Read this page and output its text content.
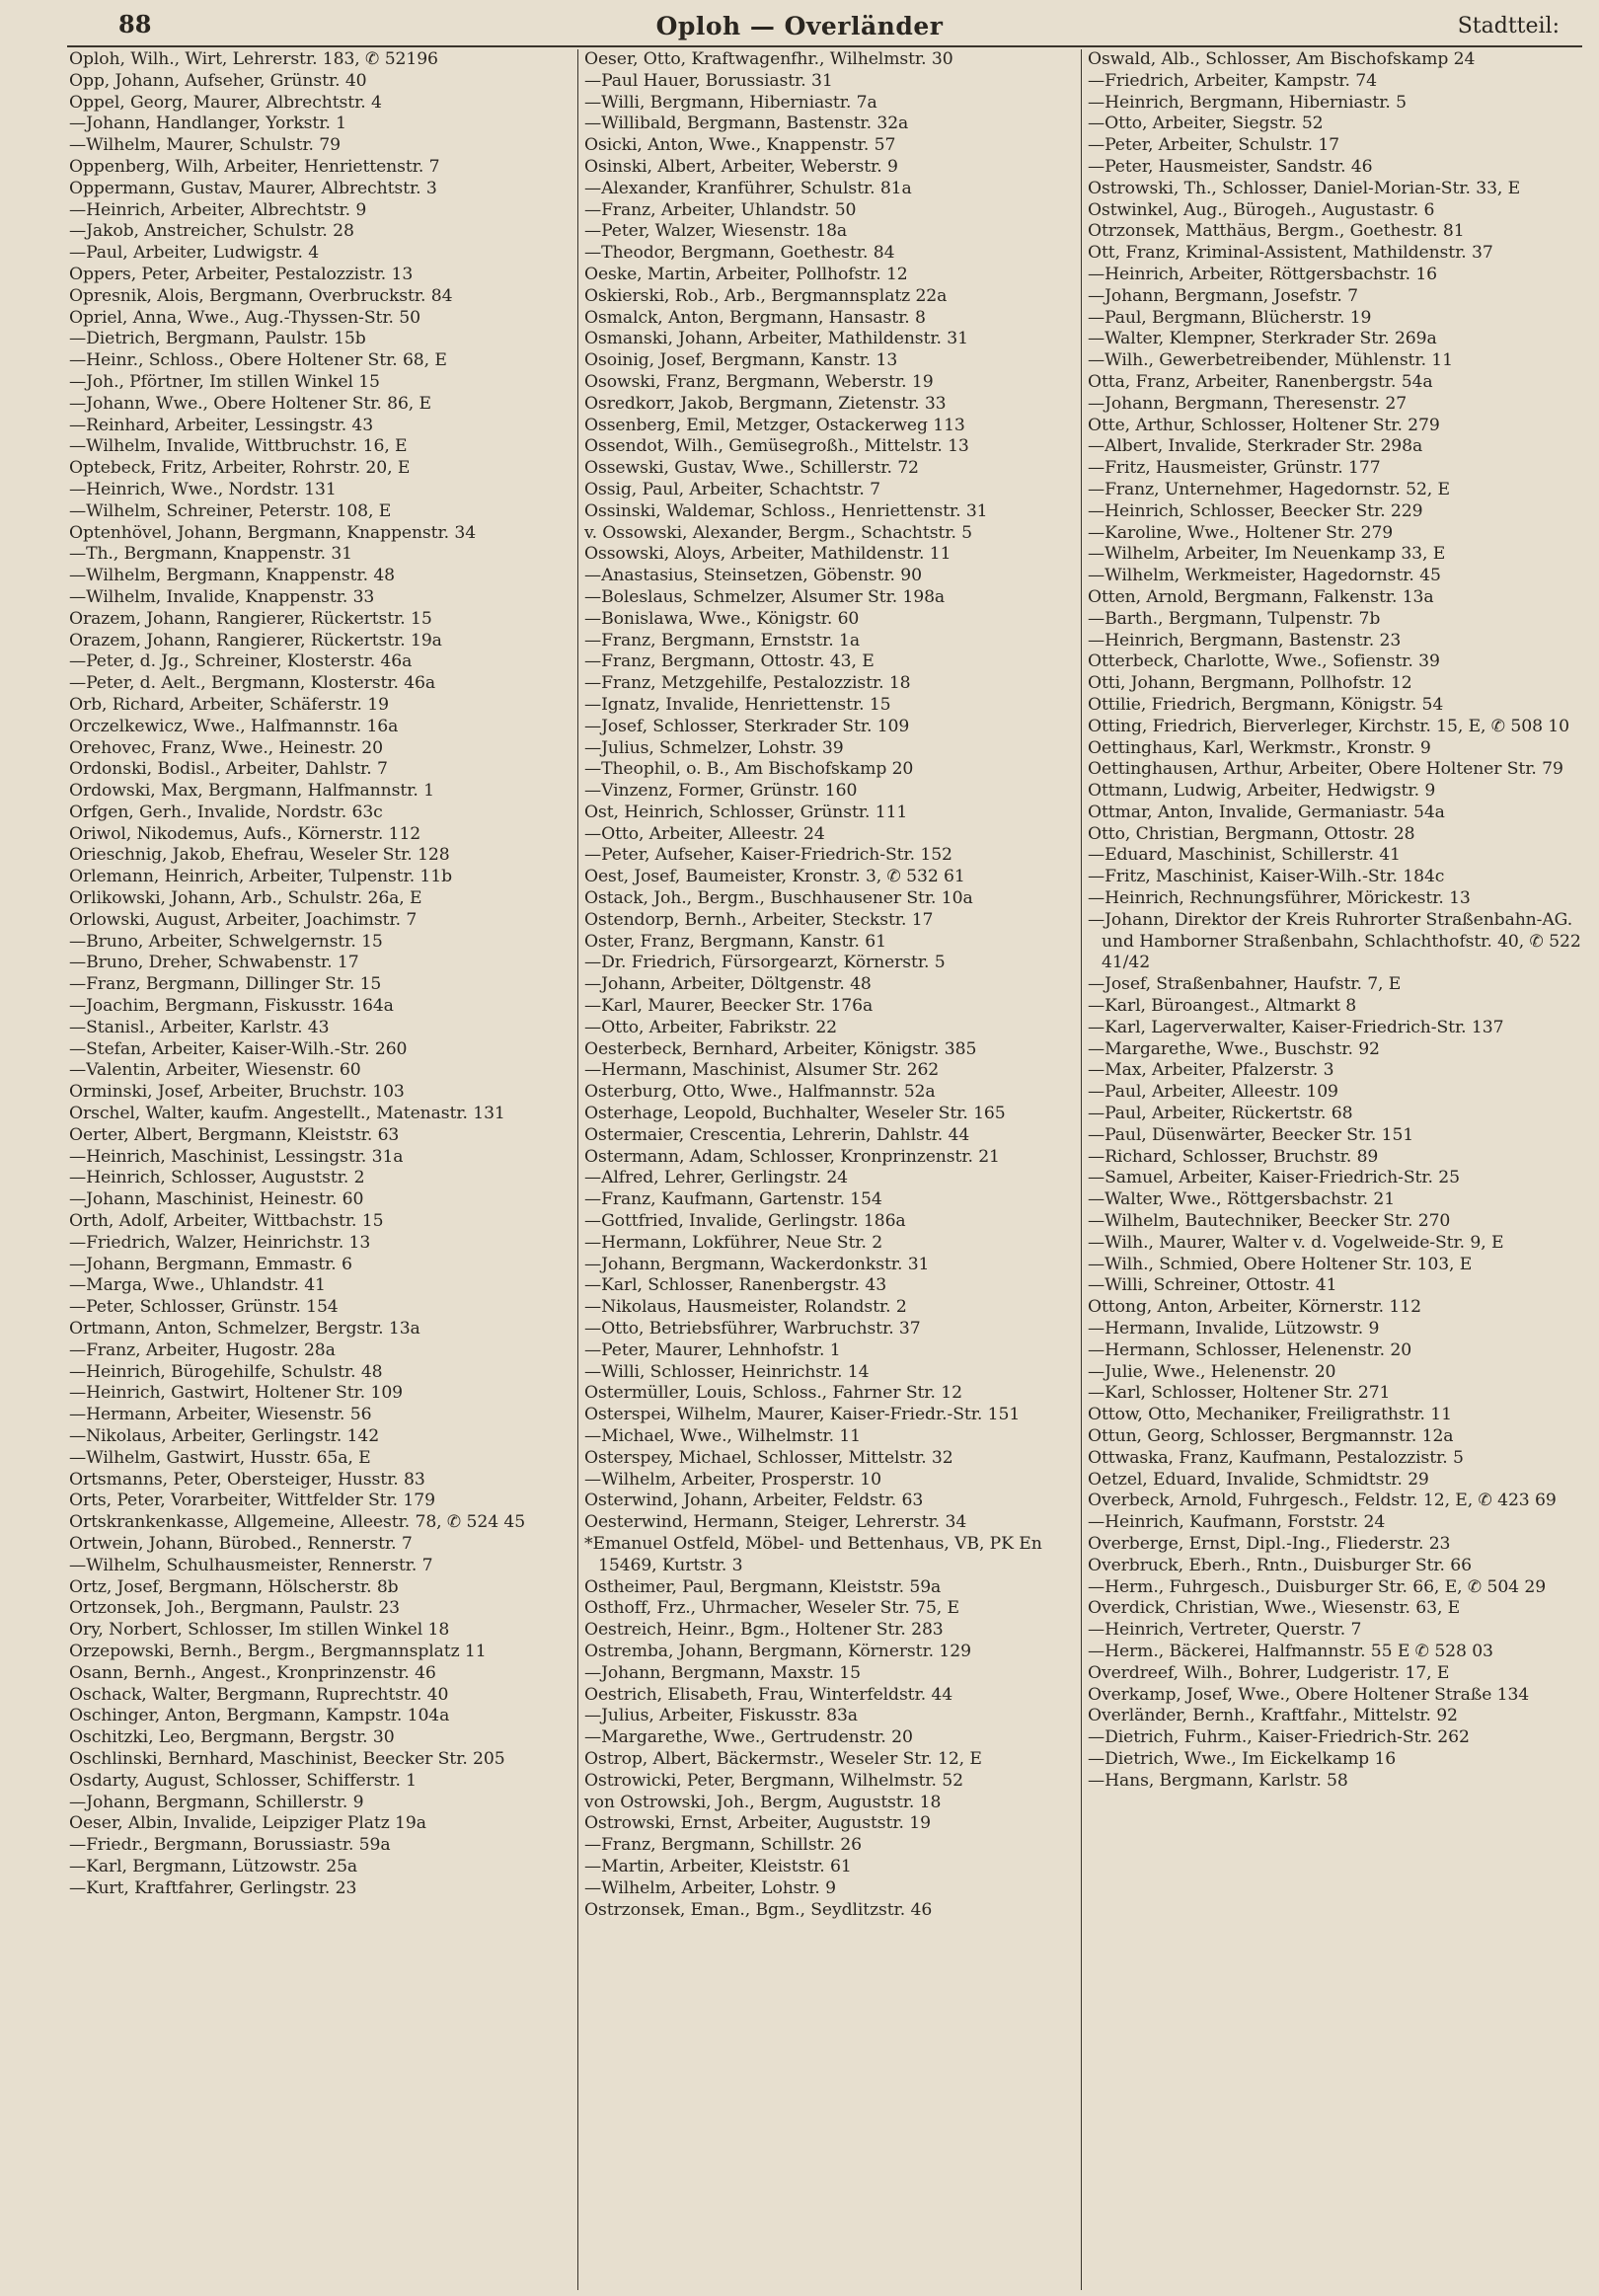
88	Oploh — Overländer	Stadtteil:
Oploh, Wilh., Wirt, Lehrerstr. 183, ✆ 52196
Opp, Johann, Aufseher, Grünstr. 40
Oppel, Georg, Maurer, Albrechtstr. 4
—Johann, Handlanger, Yorkstr. 1
—Wilhelm, Maurer, Schulstr. 79
Oppenberg, Wilh, Arbeiter, Henriettenstr. 7
Oppermann, Gustav, Maurer, Albrechtstr. 3
—Heinrich, Arbeiter, Albrechtstr. 9
—Jakob, Anstreicher, Schulstr. 28
—Paul, Arbeiter, Ludwigstr. 4
Oppers, Peter, Arbeiter, Pestalozzistr. 13
Opresnik, Alois, Bergmann, Overbruckstr. 84
Opriel, Anna, Wwe., Aug.-Thyssen-Str. 50
—Dietrich, Bergmann, Paulstr. 15b
—Heinr., Schloss., Obere Holtener Str. 68, E
—Joh., Pförtner, Im stillen Winkel 15
—Johann, Wwe., Obere Holtener Str. 86, E
—Reinhard, Arbeiter, Lessingstr. 43
—Wilhelm, Invalide, Wittbruchstr. 16, E
Optebeck, Fritz, Arbeiter, Rohrstr. 20, E
—Heinrich, Wwe., Nordstr. 131
—Wilhelm, Schreiner, Peterstr. 108, E
Optenhövel, Johann, Bergmann, Knappenstr. 34
—Th., Bergmann, Knappenstr. 31
—Wilhelm, Bergmann, Knappenstr. 48
—Wilhelm, Invalide, Knappenstr. 33
Orazem, Johann, Rangierer, Rückertstr. 15
Orazem, Johann, Rangierer, Rückertstr. 19a
—Peter, d. Jg., Schreiner, Klosterstr. 46a
—Peter, d. Aelt., Bergmann, Klosterstr. 46a
Orb, Richard, Arbeiter, Schäferstr. 19
Orczelkewicz, Wwe., Halfmannstr. 16a
Orehovec, Franz, Wwe., Heinestr. 20
Ordonski, Bodisl., Arbeiter, Dahlstr. 7
Ordowski, Max, Bergmann, Halfmannstr. 1
Orfgen, Gerh., Invalide, Nordstr. 63c
Oriwol, Nikodemus, Aufs., Körnerstr. 112
Orieschnig, Jakob, Ehefrau, Weseler Str. 128
Orlemann, Heinrich, Arbeiter, Tulpenstr. 11b
Orlikowski, Johann, Arb., Schulstr. 26a, E
Orlowski, August, Arbeiter, Joachimstr. 7
—Bruno, Arbeiter, Schwelgernstr. 15
—Bruno, Dreher, Schwabenstr. 17
—Franz, Bergmann, Dillinger Str. 15
—Joachim, Bergmann, Fiskusstr. 164a
—Stanisl., Arbeiter, Karlstr. 43
—Stefan, Arbeiter, Kaiser-Wilh.-Str. 260
—Valentin, Arbeiter, Wiesenstr. 60
Orminski, Josef, Arbeiter, Bruchstr. 103
Orschel, Walter, kaufm. Angestellt., Matenastr. 131
Oerter, Albert, Bergmann, Kleiststr. 63
—Heinrich, Maschinist, Lessingstr. 31a
—Heinrich, Schlosser, Auguststr. 2
—Johann, Maschinist, Heinestr. 60
Orth, Adolf, Arbeiter, Wittbachstr. 15
—Friedrich, Walzer, Heinrichstr. 13
—Johann, Bergmann, Emmastr. 6
—Marga, Wwe., Uhlandstr. 41
—Peter, Schlosser, Grünstr. 154
Ortmann, Anton, Schmelzer, Bergstr. 13a
—Franz, Arbeiter, Hugostr. 28a
—Heinrich, Bürogehilfe, Schulstr. 48
—Heinrich, Gastwirt, Holtener Str. 109
—Hermann, Arbeiter, Wiesenstr. 56
—Nikolaus, Arbeiter, Gerlingstr. 142
—Wilhelm, Gastwirt, Husstr. 65a, E
Ortsmanns, Peter, Obersteiger, Husstr. 83
Orts, Peter, Vorarbeiter, Wittfelder Str. 179
Ortskrankenkasse, Allgemeine, Alleestr. 78, ✆ 524 45
Ortwein, Johann, Bürobed., Rennerstr. 7
—Wilhelm, Schulhausmeister, Rennerstr. 7
Ortz, Josef, Bergmann, Hölscherstr. 8b
Ortzonsek, Joh., Bergmann, Paulstr. 23
Ory, Norbert, Schlosser, Im stillen Winkel 18
Orzepowski, Bernh., Bergm., Bergmannsplatz 11
Osann, Bernh., Angest., Kronprinzenstr. 46
Oschack, Walter, Bergmann, Ruprechtstr. 40
Oschinger, Anton, Bergmann, Kampstr. 104a
Oschitzki, Leo, Bergmann, Bergstr. 30
Oschlinski, Bernhard, Maschinist, Beecker Str. 205
Osdarty, August, Schlosser, Schifferstr. 1
—Johann, Bergmann, Schillerstr. 9
Oeser, Albin, Invalide, Leipziger Platz 19a
—Friedr., Bergmann, Borussiastr. 59a
—Karl, Bergmann, Lützowstr. 25a
—Kurt, Kraftfahrer, Gerlingstr. 23
Oeser, Otto, Kraftwagenfhr., Wilhelmstr. 30
—Paul Hauer, Borussiastr. 31
—Willi, Bergmann, Hiberniastr. 7a
—Willibald, Bergmann, Bastenstr. 32a
Osicki, Anton, Wwe., Knappenstr. 57
Osinski, Albert, Arbeiter, Weberstr. 9
—Alexander, Kranführer, Schulstr. 81a
—Franz, Arbeiter, Uhlandstr. 50
—Peter, Walzer, Wiesenstr. 18a
—Theodor, Bergmann, Goethestr. 84
Oeske, Martin, Arbeiter, Pollhofstr. 12
Oskierski, Rob., Arb., Bergmannsplatz 22a
Osmalck, Anton, Bergmann, Hansastr. 8
Osmanski, Johann, Arbeiter, Mathildenstr. 31
Osoinig, Josef, Bergmann, Kanstr. 13
Osowski, Franz, Bergmann, Weberstr. 19
Osredkorr, Jakob, Bergmann, Zietenstr. 33
Ossenberg, Emil, Metzger, Ostackerweg 113
Ossendot, Wilh., Gemüsegroßh., Mittelstr. 13
Ossewski, Gustav, Wwe., Schillerstr. 72
Ossig, Paul, Arbeiter, Schachtstr. 7
Ossinski, Waldemar, Schloss., Henriettenstr. 31
v. Ossowski, Alexander, Bergm., Schachtstr. 5
Ossowski, Aloys, Arbeiter, Mathildenstr. 11
—Anastasius, Steinsetzen, Göbenstr. 90
—Boleslaus, Schmelzer, Alsumer Str. 198a
—Bonislawa, Wwe., Königstr. 60
—Franz, Bergmann, Ernststr. 1a
—Franz, Bergmann, Ottostr. 43, E
—Franz, Metzgehilfe, Pestalozzistr. 18
—Ignatz, Invalide, Henriettenstr. 15
—Josef, Schlosser, Sterkrader Str. 109
—Julius, Schmelzer, Lohstr. 39
—Theophil, o. B., Am Bischofskamp 20
—Vinzenz, Former, Grünstr. 160
Ost, Heinrich, Schlosser, Grünstr. 111
—Otto, Arbeiter, Alleestr. 24
—Peter, Aufseher, Kaiser-Friedrich-Str. 152
Oest, Josef, Baumeister, Kronstr. 3, ✆ 532 61
Ostack, Joh., Bergm., Buschhausener Str. 10a
Ostendorp, Bernh., Arbeiter, Steckstr. 17
Oster, Franz, Bergmann, Kanstr. 61
—Dr. Friedrich, Fürsorgearzt, Körnerstr. 5
—Johann, Arbeiter, Döltgenstr. 48
—Karl, Maurer, Beecker Str. 176a
—Otto, Arbeiter, Fabrikstr. 22
Oesterbeck, Bernhard, Arbeiter, Königstr. 385
—Hermann, Maschinist, Alsumer Str. 262
Osterburg, Otto, Wwe., Halfmannstr. 52a
Osterhage, Leopold, Buchhalter, Weseler Str. 165
Ostermaier, Crescentia, Lehrerin, Dahlstr. 44
Ostermann, Adam, Schlosser, Kronprinzenstr. 21
—Alfred, Lehrer, Gerlingstr. 24
—Franz, Kaufmann, Gartenstr. 154
—Gottfried, Invalide, Gerlingstr. 186a
—Hermann, Lokführer, Neue Str. 2
—Johann, Bergmann, Wackerdonkstr. 31
—Karl, Schlosser, Ranenbergstr. 43
—Nikolaus, Hausmeister, Rolandstr. 2
—Otto, Betriebsführer, Warbruchstr. 37
—Peter, Maurer, Lehnhofstr. 1
—Willi, Schlosser, Heinrichstr. 14
Ostermüller, Louis, Schloss., Fahrner Str. 12
Osterspei, Wilhelm, Maurer, Kaiser-Friedr.-Str. 151
—Michael, Wwe., Wilhelmstr. 11
Osterspey, Michael, Schlosser, Mittelstr. 32
—Wilhelm, Arbeiter, Prosperstr. 10
Osterwind, Johann, Arbeiter, Feldstr. 63
Oesterwind, Hermann, Steiger, Lehrerstr. 34
*Emanuel Ostfeld, Möbel- und Bettenhaus, VB, PK En 15469, Kurtstr. 3
Ostheimer, Paul, Bergmann, Kleiststr. 59a
Osthoff, Frz., Uhrmacher, Weseler Str. 75, E
Oestreich, Heinr., Bgm., Holtener Str. 283
Ostremba, Johann, Bergmann, Körnerstr. 129
—Johann, Bergmann, Maxstr. 15
Oestrich, Elisabeth, Frau, Winterfeldstr. 44
—Julius, Arbeiter, Fiskusstr. 83a
—Margarethe, Wwe., Gertrudenstr. 20
Ostrop, Albert, Bäckermstr., Weseler Str. 12, E
Ostrowicki, Peter, Bergmann, Wilhelmstr. 52
von Ostrowski, Joh., Bergm, Auguststr. 18
Ostrowski, Ernst, Arbeiter, Auguststr. 19
—Franz, Bergmann, Schillstr. 26
—Martin, Arbeiter, Kleiststr. 61
—Wilhelm, Arbeiter, Lohstr. 9
Ostrzonsek, Eman., Bgm., Seydlitzstr. 46
Oswald, Alb., Schlosser, Am Bischofskamp 24
—Friedrich, Arbeiter, Kampstr. 74
—Heinrich, Bergmann, Hiberniastr. 5
—Otto, Arbeiter, Siegstr. 52
—Peter, Arbeiter, Schulstr. 17
—Peter, Hausmeister, Sandstr. 46
Ostrowski, Th., Schlosser, Daniel-Morian-Str. 33, E
Ostwinkel, Aug., Bürogeh., Augustastr. 6
Otrzonsek, Matthäus, Bergm., Goethestr. 81
Ott, Franz, Kriminal-Assistent, Mathildenstr. 37
—Heinrich, Arbeiter, Röttgersbachstr. 16
—Johann, Bergmann, Josefstr. 7
—Paul, Bergmann, Blücherstr. 19
—Walter, Klempner, Sterkrader Str. 269a
—Wilh., Gewerbetreibender, Mühlenstr. 11
Otta, Franz, Arbeiter, Ranenbergstr. 54a
—Johann, Bergmann, Theresenstr. 27
Otte, Arthur, Schlosser, Holtener Str. 279
—Albert, Invalide, Sterkrader Str. 298a
—Fritz, Hausmeister, Grünstr. 177
—Franz, Unternehmer, Hagedornstr. 52, E
—Heinrich, Schlosser, Beecker Str. 229
—Karoline, Wwe., Holtener Str. 279
—Wilhelm, Arbeiter, Im Neuenkamp 33, E
—Wilhelm, Werkmeister, Hagedornstr. 45
Otten, Arnold, Bergmann, Falkenstr. 13a
—Barth., Bergmann, Tulpenstr. 7b
—Heinrich, Bergmann, Bastenstr. 23
Otterbeck, Charlotte, Wwe., Sofienstr. 39
Otti, Johann, Bergmann, Pollhofstr. 12
Ottilie, Friedrich, Bergmann, Königstr. 54
Otting, Friedrich, Bierverleger, Kirchstr. 15, E, ✆ 508 10
Oettinghaus, Karl, Werkmstr., Kronstr. 9
Oettinghausen, Arthur, Arbeiter, Obere Holtener Str. 79
Ottmann, Ludwig, Arbeiter, Hedwigstr. 9
Ottmar, Anton, Invalide, Germaniastr. 54a
Otto, Christian, Bergmann, Ottostr. 28
—Eduard, Maschinist, Schillerstr. 41
—Fritz, Maschinist, Kaiser-Wilh.-Str. 184c
—Heinrich, Rechnungsführer, Mörickestr. 13
—Johann, Direktor der Kreis Ruhrorter Straßenbahn-AG. und Hamborner Straßenbahn, Schlachthofstr. 40, ✆ 522 41/42
—Josef, Straßenbahner, Haufstr. 7, E
—Karl, Büroangest., Altmarkt 8
—Karl, Lagerverwalter, Kaiser-Friedrich-Str. 137
—Margarethe, Wwe., Buschstr. 92
—Max, Arbeiter, Pfalzerstr. 3
—Paul, Arbeiter, Alleestr. 109
—Paul, Arbeiter, Rückertstr. 68
—Paul, Düsenwärter, Beecker Str. 151
—Richard, Schlosser, Bruchstr. 89
—Samuel, Arbeiter, Kaiser-Friedrich-Str. 25
—Walter, Wwe., Röttgersbachstr. 21
—Wilhelm, Bautechniker, Beecker Str. 270
—Wilh., Maurer, Walter v. d. Vogelweide-Str. 9, E
—Wilh., Schmied, Obere Holtener Str. 103, E
—Willi, Schreiner, Ottostr. 41
Ottong, Anton, Arbeiter, Körnerstr. 112
—Hermann, Invalide, Lützowstr. 9
—Hermann, Schlosser, Helenenstr. 20
—Julie, Wwe., Helenenstr. 20
—Karl, Schlosser, Holtener Str. 271
Ottow, Otto, Mechaniker, Freiligrathstr. 11
Ottun, Georg, Schlosser, Bergmannstr. 12a
Ottwaska, Franz, Kaufmann, Pestalozzistr. 5
Oetzel, Eduard, Invalide, Schmidtstr. 29
Overbeck, Arnold, Fuhrgesch., Feldstr. 12, E, ✆ 423 69
—Heinrich, Kaufmann, Forststr. 24
Overberge, Ernst, Dipl.-Ing., Fliederstr. 23
Overbruck, Eberh., Rntn., Duisburger Str. 66
—Herm., Fuhrgesch., Duisburger Str. 66, E, ✆ 504 29
Overdick, Christian, Wwe., Wiesenstr. 63, E
—Heinrich, Vertreter, Querstr. 7
—Herm., Bäckerei, Halfmannstr. 55 E ✆ 528 03
Overdreef, Wilh., Bohrer, Ludgeristr. 17, E
Overkamp, Josef, Wwe., Obere Holtener Straße 134
Overländer, Bernh., Kraftfahr., Mittelstr. 92
—Dietrich, Fuhrm., Kaiser-Friedrich-Str. 262
—Dietrich, Wwe., Im Eickelkamp 16
—Hans, Bergmann, Karlstr. 58
